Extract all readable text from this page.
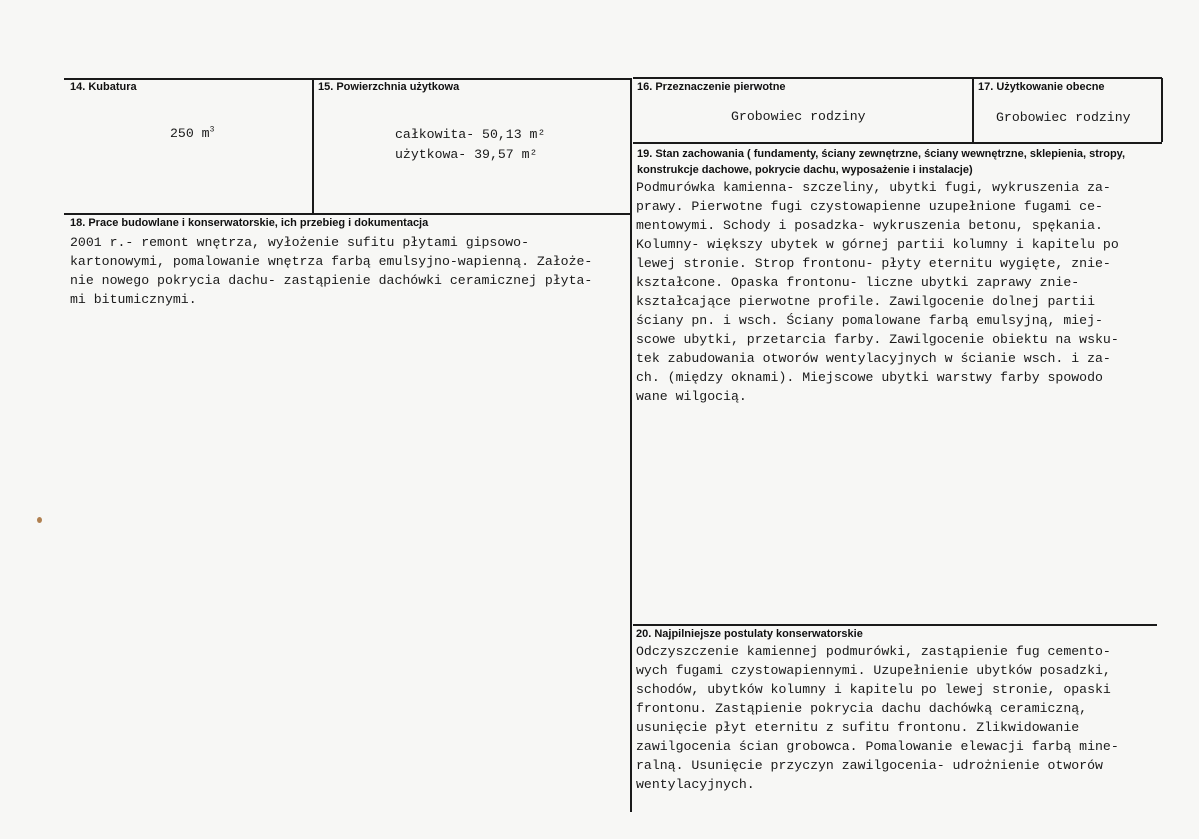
14. Kubatura
250 $m^3$
15. Powierzchnia użytkowa
całkowita- 50,13 m²
użytkowa- 39,57 m²
16. Przeznaczenie pierwotne
Grobowiec rodziny
17. Użytkowanie obecne
Grobowiec rodziny
18. Prace budowlane i konserwatorskie, ich przebieg i dokumentacja
2001 r.- remont wnętrza, wyłożenie sufitu płytami gipsowo-
kartonowymi, pomalowanie wnętrza farbą emulsyjno-wapienną. Założe-
nie nowego pokrycia dachu- zastąpienie dachówki ceramicznej płyta-
mi bitumicznymi.
19. Stan zachowania ( fundamenty, ściany zewnętrzne, ściany wewnętrzne, sklepienia, stropy,
konstrukcje dachowe, pokrycie dachu, wyposażenie i instalacje)
Podmurówka kamienna- szczeliny, ubytki fugi, wykruszenia za-
prawy. Pierwotne fugi czystowapienne uzupełnione fugami ce-
mentowymi. Schody i posadzka- wykruszenia betonu, spękania.
Kolumny- większy ubytek w górnej partii kolumny i kapitelu po
lewej stronie. Strop frontonu- płyty eternitu wygięte, znie-
kształcone. Opaska frontonu- liczne ubytki zaprawy znie-
kształcające pierwotne profile. Zawilgocenie dolnej partii
ściany pn. i wsch. Ściany pomalowane farbą emulsyjną, miej-
scowe ubytki, przetarcia farby. Zawilgocenie obiektu na wsku-
tek zabudowania otworów wentylacyjnych w ścianie wsch. i za-
ch. (między oknami). Miejscowe ubytki warstwy farby spowodo
wane wilgocią.
20. Najpilniejsze postulaty konserwatorskie
Odczyszczenie kamiennej podmurówki, zastąpienie fug cemento-
wych fugami czystowapiennymi. Uzupełnienie ubytków posadzki,
schodów, ubytków kolumny i kapitelu po lewej stronie, opaski
frontonu. Zastąpienie pokrycia dachu dachówką ceramiczną,
usunięcie płyt eternitu z sufitu frontonu. Zlikwidowanie
zawilgocenia ścian grobowca. Pomalowanie elewacji farbą mine-
ralną. Usunięcie przyczyn zawilgocenia- udrożnienie otworów
wentylacyjnych.
